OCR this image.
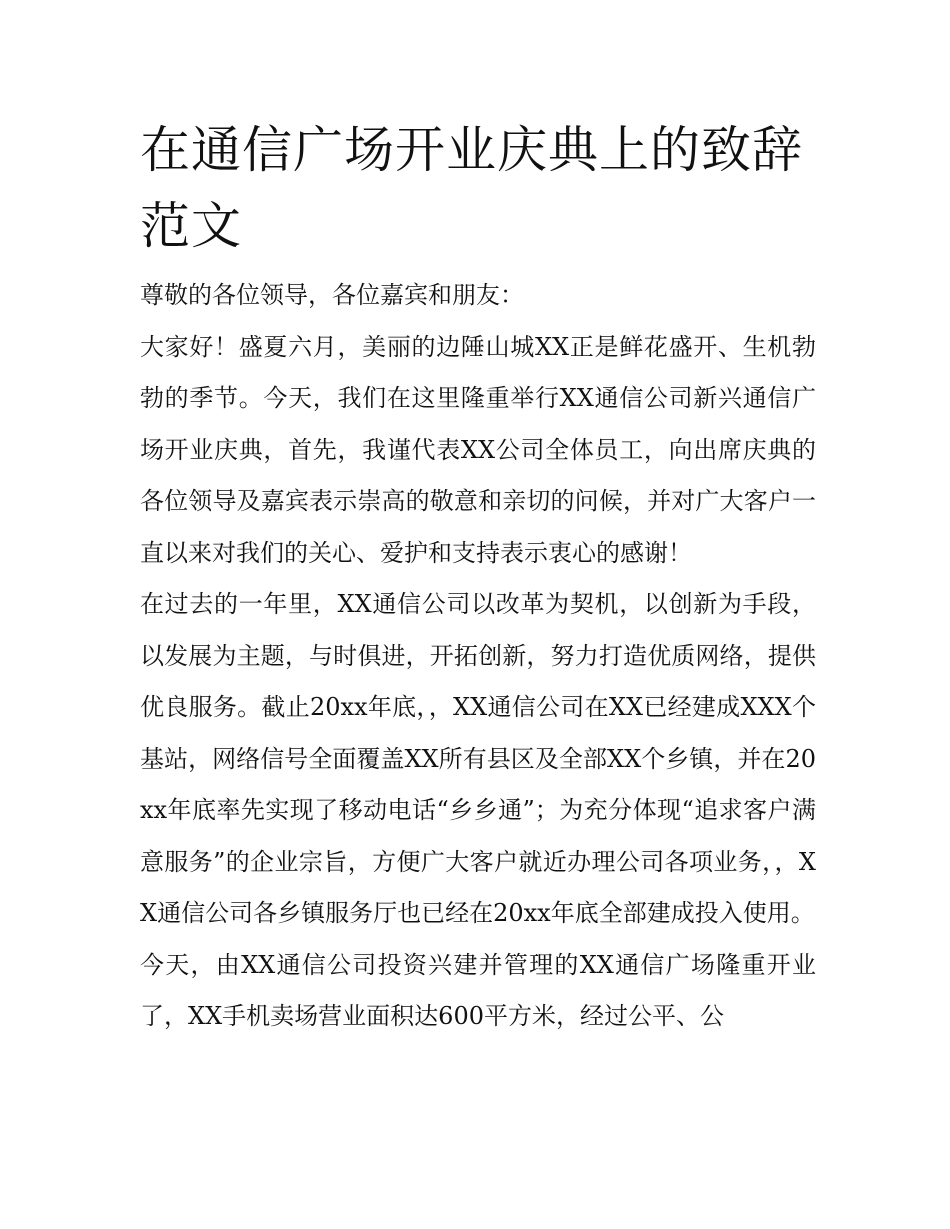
在通信广场开业庆典上的致辞范文

尊敬的各位领导，各位嘉宾和朋友：

大家好！盛夏六月，美丽的边陲山城XX正是鲜花盛开、生机勃勃的季节。今天，我们在这里隆重举行XX通信公司新兴通信广场开业庆典，首先，我谨代表XX公司全体员工，向出席庆典的各位领导及嘉宾表示崇高的敬意和亲切的问候，并对广大客户一直以来对我们的关心、爱护和支持表示衷心的感谢！

在过去的一年里，XX通信公司以改革为契机，以创新为手段，以发展为主题，与时俱进，开拓创新，努力打造优质网络，提供优良服务。截止20xx年底，，XX通信公司在XX已经建成XXX个基站，网络信号全面覆盖XX所有县区及全部XX个乡镇，并在20xx年底率先实现了移动电话“乡乡通”；为充分体现“追求客户满意服务”的企业宗旨，方便广大客户就近办理公司各项业务，，XX通信公司各乡镇服务厅也已经在20xx年底全部建成投入使用。

今天，由XX通信公司投资兴建并管理的XX通信广场隆重开业了，XX手机卖场营业面积达600平方米，经过公平、公
